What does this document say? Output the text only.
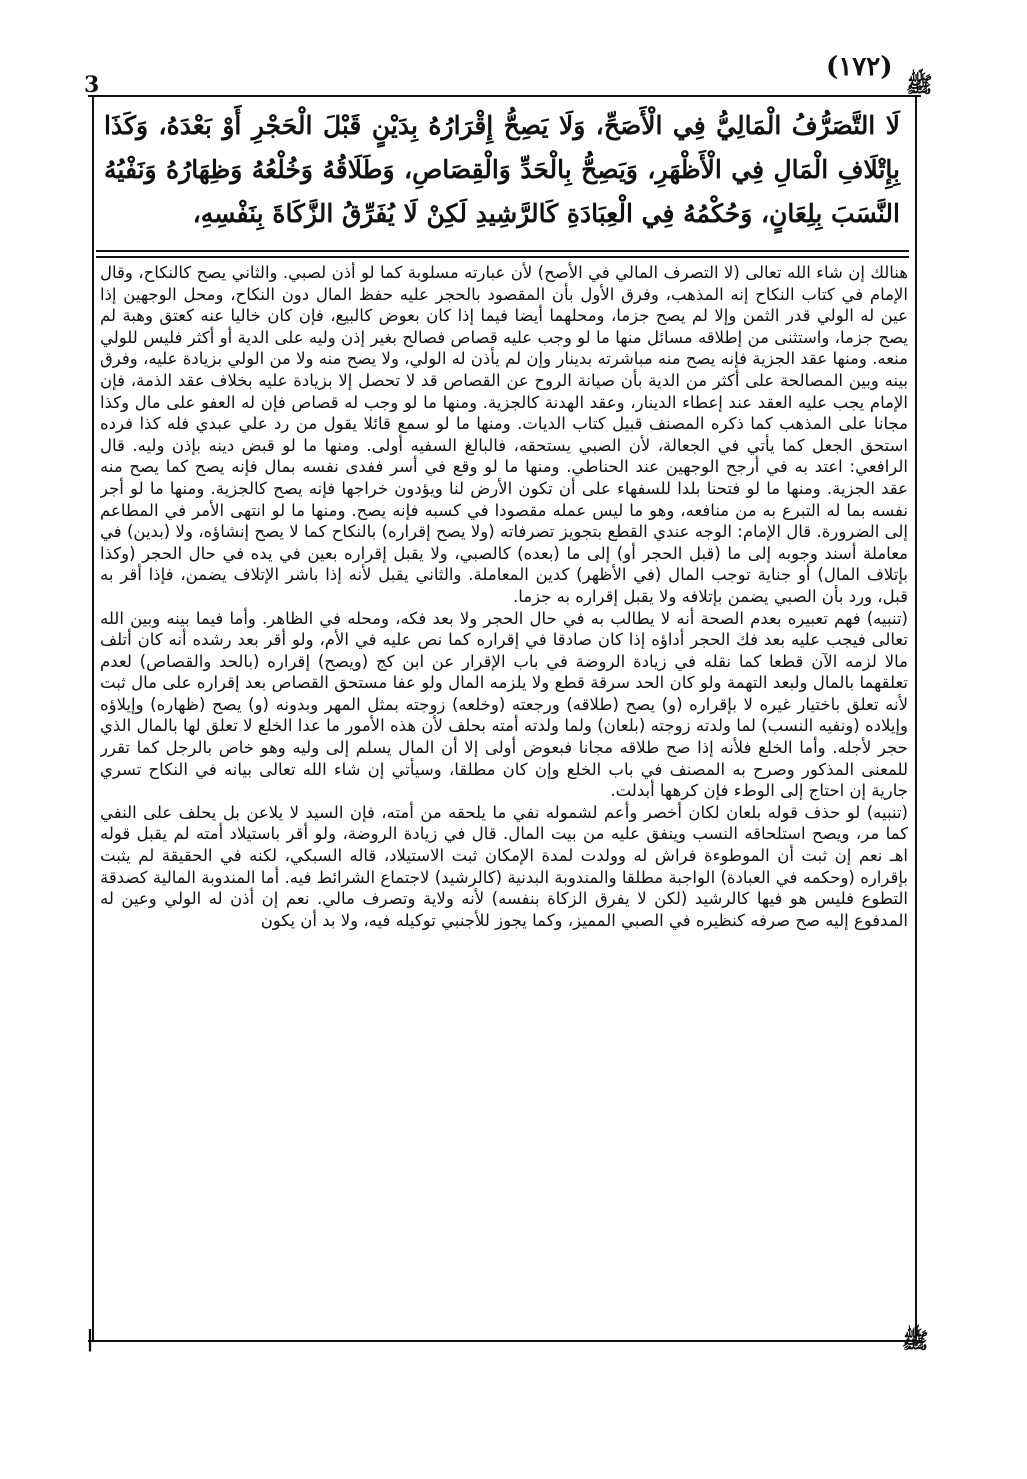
(١٧٢)
ﷺ
3
ﷺ
|

لَا التَّصَرُّفُ الْمَالِيُّ فِي الْأَصَحِّ، وَلَا يَصِحُّ إِقْرَارُهُ بِدَيْنٍ قَبْلَ الْحَجْرِ أَوْ بَعْدَهُ، وَكَذَا بِإِتْلَافِ الْمَالِ فِي الْأَظْهَرِ، وَيَصِحُّ بِالْحَدِّ وَالْقِصَاصِ، وَطَلَاقُهُ وَخُلْعُهُ وَظِهَارُهُ وَنَفْيُهُ النَّسَبَ بِلِعَانٍ، وَحُكْمُهُ فِي الْعِبَادَةِ كَالرَّشِيدِ لَكِنْ لَا يُفَرِّقُ الزَّكَاةَ بِنَفْسِهِ،

هنالك إن شاء الله تعالى (لا التصرف المالي في الأصح) لأن عبارته مسلوبة كما لو أذن لصبي. والثاني يصح كالنكاح، وقال الإمام في كتاب النكاح إنه المذهب، وفرق الأول بأن المقصود بالحجر عليه حفظ المال دون النكاح، ومحل الوجهين إذا عين له الولي قدر الثمن وإلا لم يصح جزما، ومحلهما أيضا فيما إذا كان بعوض كالبيع، فإن كان خاليا عنه كعتق وهبة لم يصح جزما، واستثنى من إطلاقه مسائل منها ما لو وجب عليه قصاص فصالح بغير إذن وليه على الدية أو أكثر فليس للولي منعه. ومنها عقد الجزية فإنه يصح منه مباشرته بدينار وإن لم يأذن له الولي، ولا يصح منه ولا من الولي بزيادة عليه، وفرق بينه وبين المصالحة على أكثر من الدية بأن صيانة الروح عن القصاص قد لا تحصل إلا بزيادة عليه بخلاف عقد الذمة، فإن الإمام يجب عليه العقد عند إعطاء الدينار، وعقد الهدنة كالجزية. ومنها ما لو وجب له قصاص فإن له العفو على مال وكذا مجانا على المذهب كما ذكره المصنف قبيل كتاب الديات. ومنها ما لو سمع قائلا يقول من رد علي عبدي فله كذا فرده استحق الجعل كما يأتي في الجعالة، لأن الصبي يستحقه، فالبالغ السفيه أولى. ومنها ما لو قبض دينه بإذن وليه. قال الرافعي: اعتد به في أرجح الوجهين عند الحناطي. ومنها ما لو وقع في أسر ففدى نفسه بمال فإنه يصح كما يصح منه عقد الجزية. ومنها ما لو فتحنا بلدا للسفهاء على أن تكون الأرض لنا ويؤدون خراجها فإنه يصح كالجزية. ومنها ما لو أجر نفسه بما له التبرع به من منافعه، وهو ما ليس عمله مقصودا في كسبه فإنه يصح. ومنها ما لو انتهى الأمر في المطاعم إلى الضرورة. قال الإمام: الوجه عندي القطع بتجويز تصرفاته (ولا يصح إقراره) بالنكاح كما لا يصح إنشاؤه، ولا (بدين) في معاملة أسند وجوبه إلى ما (قبل الحجر أو) إلى ما (بعده) كالصبي، ولا يقبل إقراره بعين في يده في حال الحجر (وكذا بإتلاف المال) أو جناية توجب المال (في الأظهر) كدين المعاملة. والثاني يقبل لأنه إذا باشر الإتلاف يضمن، فإذا أقر به قبل، ورد بأن الصبي يضمن بإتلافه ولا يقبل إقراره به جزما.

(تنبيه) فهم تعبيره بعدم الصحة أنه لا يطالب به في حال الحجر ولا بعد فكه، ومحله في الظاهر. وأما فيما بينه وبين الله تعالى فيجب عليه بعد فك الحجر أداؤه إذا كان صادقا في إقراره كما نص عليه في الأم، ولو أقر بعد رشده أنه كان أتلف مالا لزمه الآن قطعا كما نقله في زيادة الروضة في باب الإقرار عن ابن كج (ويصح) إقراره (بالحد والقصاص) لعدم تعلقهما بالمال ولبعد التهمة ولو كان الحد سرقة قطع ولا يلزمه المال ولو عفا مستحق القصاص بعد إقراره على مال ثبت لأنه تعلق باختيار غيره لا بإقراره (و) يصح (طلاقه) ورجعته (وخلعه) زوجته بمثل المهر وبدونه (و) يصح (ظهاره) وإيلاؤه وإيلاده (ونفيه النسب) لما ولدته زوجته (بلعان) ولما ولدته أمته بحلف لأن هذه الأمور ما عدا الخلع لا تعلق لها بالمال الذي حجر لأجله. وأما الخلع فلأنه إذا صح طلاقه مجانا فبعوض أولى إلا أن المال يسلم إلى وليه وهو خاص بالرجل كما تقرر للمعنى المذكور وصرح به المصنف في باب الخلع وإن كان مطلقا، وسيأتي إن شاء الله تعالى بيانه في النكاح تسري جارية إن احتاج إلى الوطء فإن كرهها أبدلت.

(تنبيه) لو حذف قوله بلعان لكان أخصر وأعم لشموله نفي ما يلحقه من أمته، فإن السيد لا يلاعن بل يحلف على النفي كما مر، ويصح استلحاقه النسب وينفق عليه من بيت المال. قال في زيادة الروضة، ولو أقر باستيلاد أمته لم يقبل قوله اهـ نعم إن ثبت أن الموطوءة فراش له وولدت لمدة الإمكان ثبت الاستيلاد، قاله السبكي، لكنه في الحقيقة لم يثبت بإقراره (وحكمه في العبادة) الواجبة مطلقا والمندوبة البدنية (كالرشيد) لاجتماع الشرائط فيه. أما المندوبة المالية كصدقة التطوع فليس هو فيها كالرشيد (لكن لا يفرق الزكاة بنفسه) لأنه ولاية وتصرف مالي. نعم إن أذن له الولي وعين له المدفوع إليه صح صرفه كنظيره في الصبي المميز، وكما يجوز للأجنبي توكيله فيه، ولا بد أن يكون
